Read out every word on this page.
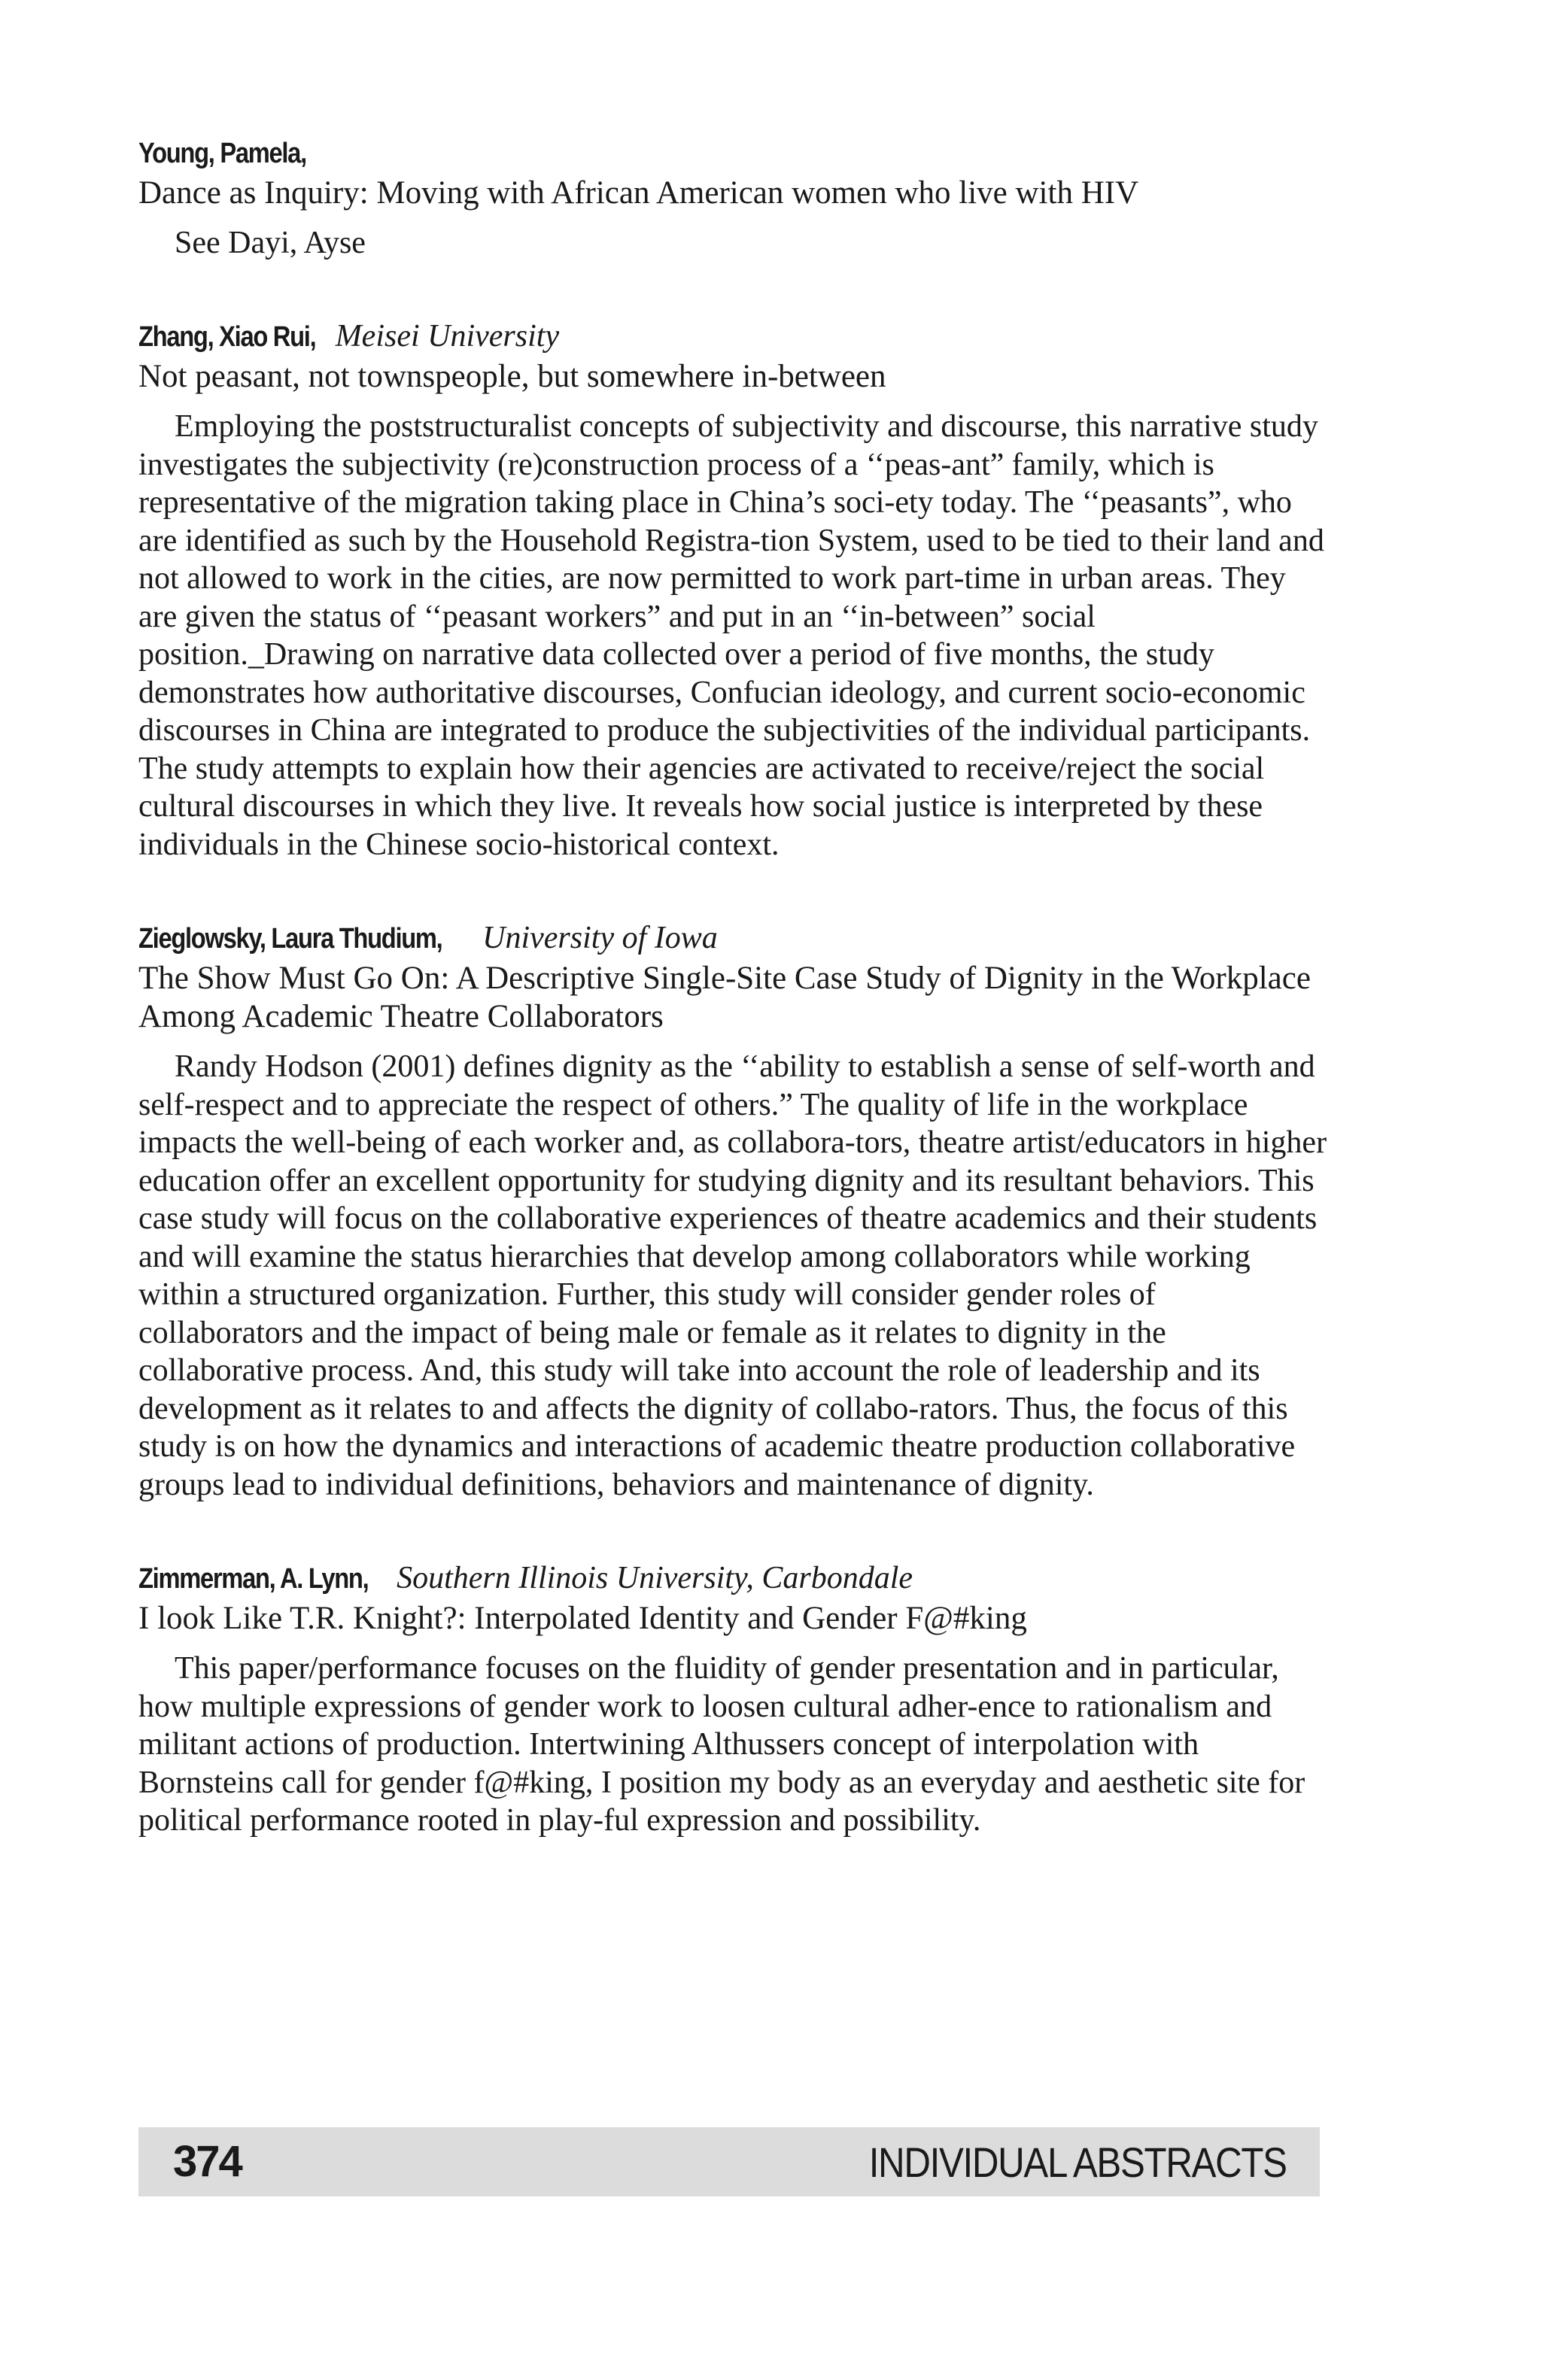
Young, Pamela,
Dance as Inquiry: Moving with African American women who live with HIV
See Dayi, Ayse
Zhang, Xiao Rui, Meisei University
Not peasant, not townspeople, but somewhere in-between
Employing the poststructuralist concepts of subjectivity and discourse, this narrative study investigates the subjectivity (re)construction process of a ‘‘peas-ant” family, which is representative of the migration taking place in China’s soci-ety today. The ‘‘peasants”, who are identified as such by the Household Registra-tion System, used to be tied to their land and not allowed to work in the cities, are now permitted to work part-time in urban areas. They are given the status of ‘‘peasant workers” and put in an ‘‘in-between” social position._Drawing on narrative data collected over a period of five months, the study demonstrates how authoritative discourses, Confucian ideology, and current socio-economic discourses in China are integrated to produce the subjectivities of the individual participants. The study attempts to explain how their agencies are activated to receive/reject the social cultural discourses in which they live. It reveals how social justice is interpreted by these individuals in the Chinese socio-historical context.
Zieglowsky, Laura Thudium, University of Iowa
The Show Must Go On: A Descriptive Single-Site Case Study of Dignity in the Workplace Among Academic Theatre Collaborators
Randy Hodson (2001) defines dignity as the ‘‘ability to establish a sense of self-worth and self-respect and to appreciate the respect of others.” The quality of life in the workplace impacts the well-being of each worker and, as collabora-tors, theatre artist/educators in higher education offer an excellent opportunity for studying dignity and its resultant behaviors. This case study will focus on the collaborative experiences of theatre academics and their students and will examine the status hierarchies that develop among collaborators while working within a structured organization. Further, this study will consider gender roles of collaborators and the impact of being male or female as it relates to dignity in the collaborative process. And, this study will take into account the role of leadership and its development as it relates to and affects the dignity of collabo-rators. Thus, the focus of this study is on how the dynamics and interactions of academic theatre production collaborative groups lead to individual definitions, behaviors and maintenance of dignity.
Zimmerman, A. Lynn, Southern Illinois University, Carbondale
I look Like T.R. Knight?: Interpolated Identity and Gender F@#king
This paper/performance focuses on the fluidity of gender presentation and in particular, how multiple expressions of gender work to loosen cultural adher-ence to rationalism and militant actions of production. Intertwining Althussers concept of interpolation with Bornsteins call for gender f@#king, I position my body as an everyday and aesthetic site for political performance rooted in play-ful expression and possibility.
374	INDIVIDUAL ABSTRACTS
